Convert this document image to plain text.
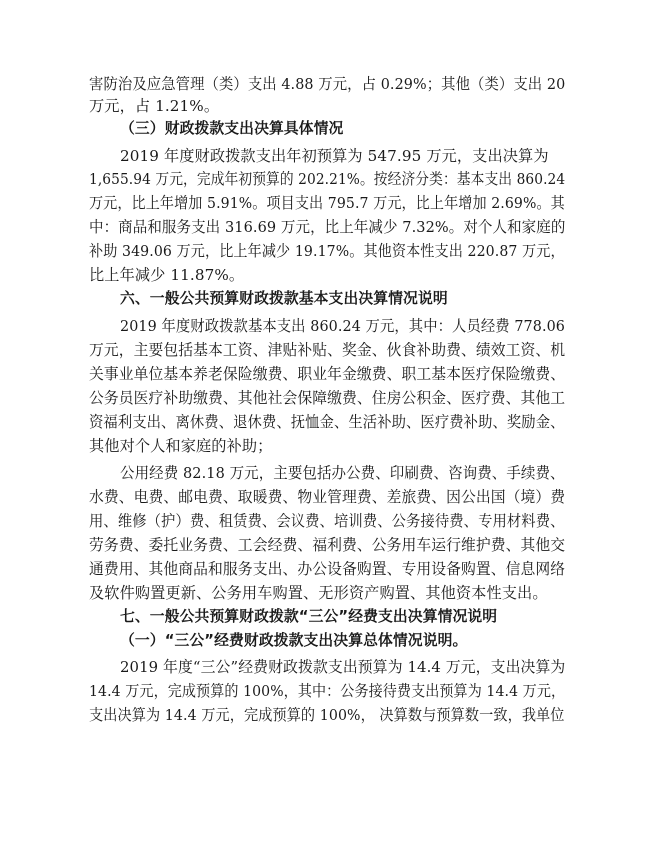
害防治及应急管理（类）支出 4.88 万元，占 0.29%；其他（类）支出 20
万元，占 1.21%。
（三）财政拨款支出决算具体情况
2019 年度财政拨款支出年初预算为 547.95 万元，支出决算为
1,655.94 万元，完成年初预算的 202.21%。按经济分类：基本支出 860.24
万元，比上年增加 5.91%。项目支出 795.7 万元，比上年增加 2.69%。其
中：商品和服务支出 316.69 万元，比上年减少 7.32%。对个人和家庭的
补助 349.06 万元，比上年减少 19.17%。其他资本性支出 220.87 万元，
比上年减少 11.87%。
六、一般公共预算财政拨款基本支出决算情况说明
2019 年度财政拨款基本支出 860.24 万元，其中：人员经费 778.06
万元，主要包括基本工资、津贴补贴、奖金、伙食补助费、绩效工资、机
关事业单位基本养老保险缴费、职业年金缴费、职工基本医疗保险缴费、
公务员医疗补助缴费、其他社会保障缴费、住房公积金、医疗费、其他工
资福利支出、离休费、退休费、抚恤金、生活补助、医疗费补助、奖励金、
其他对个人和家庭的补助；
公用经费 82.18 万元，主要包括办公费、印刷费、咨询费、手续费、
水费、电费、邮电费、取暖费、物业管理费、差旅费、因公出国（境）费
用、维修（护）费、租赁费、会议费、培训费、公务接待费、专用材料费、
劳务费、委托业务费、工会经费、福利费、公务用车运行维护费、其他交
通费用、其他商品和服务支出、办公设备购置、专用设备购置、信息网络
及软件购置更新、公务用车购置、无形资产购置、其他资本性支出。
七、一般公共预算财政拨款“三公”经费支出决算情况说明
（一）“三公”经费财政拨款支出决算总体情况说明。
2019 年度“三公”经费财政拨款支出预算为 14.4 万元，支出决算为
14.4 万元，完成预算的 100%，其中：公务接待费支出预算为 14.4 万元，
支出决算为 14.4 万元，完成预算的 100%， 决算数与预算数一致，我单位
